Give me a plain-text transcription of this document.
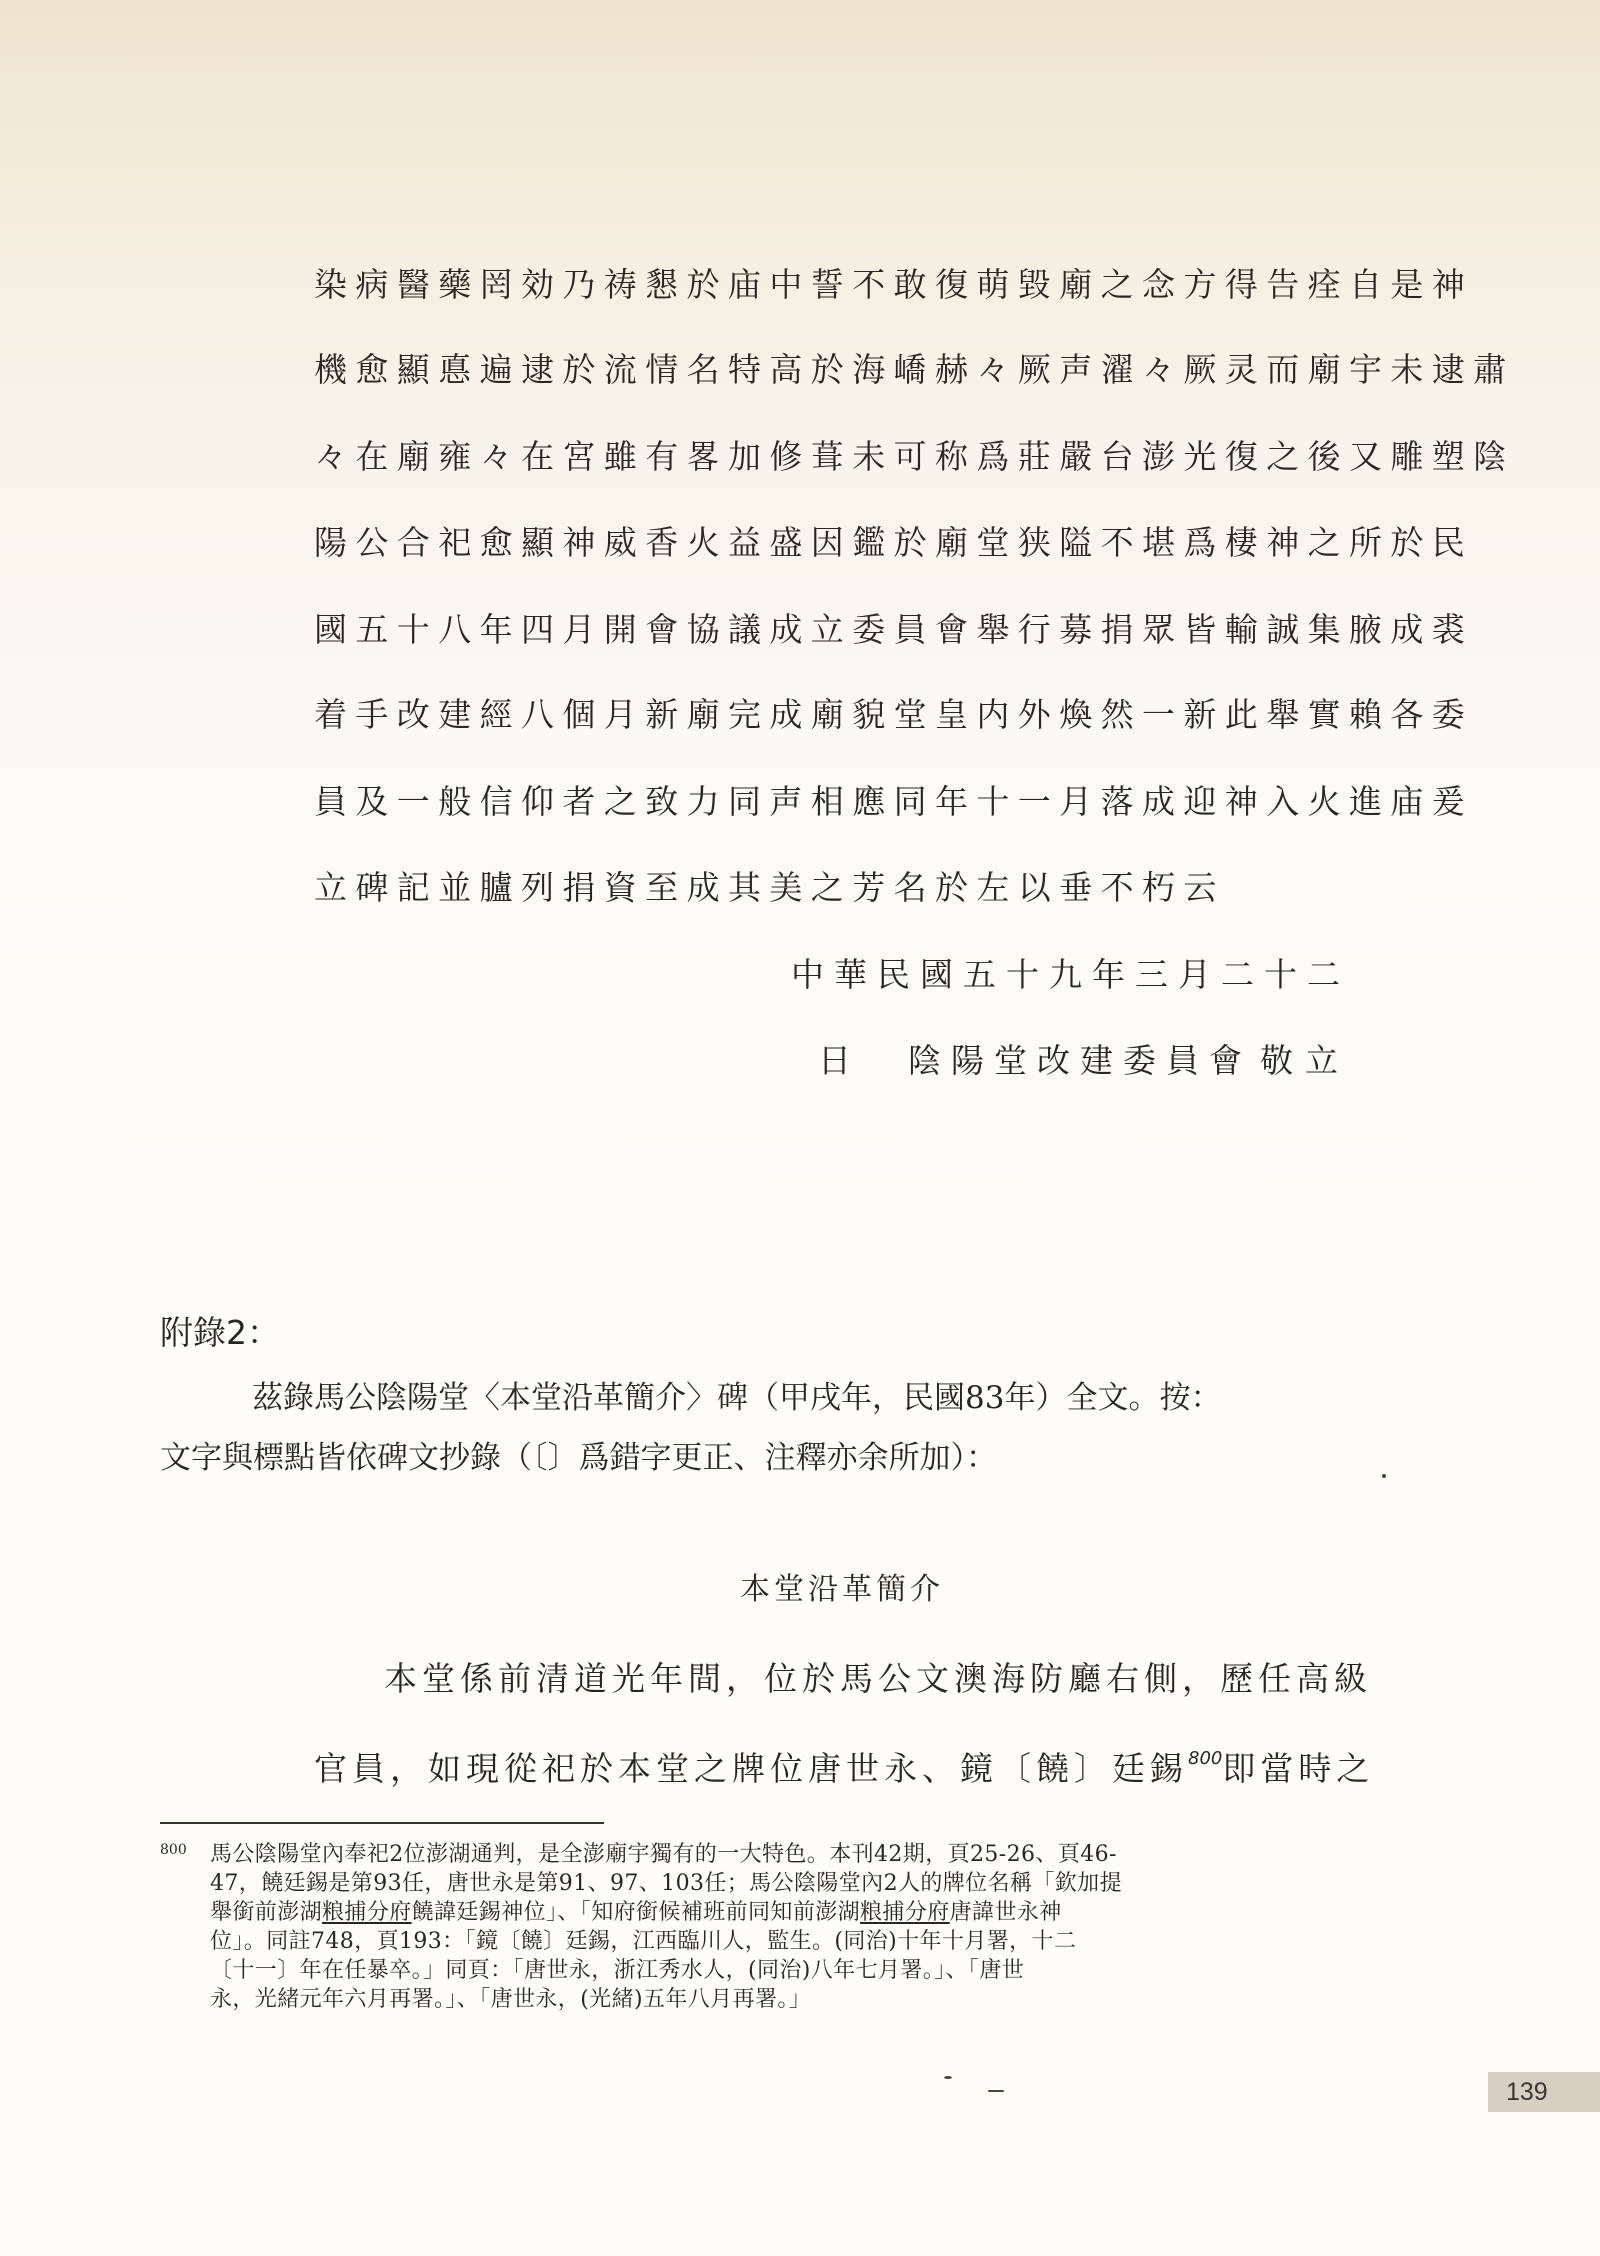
染病醫藥罔効乃祷懇於庙中誓不敢復萌毀廟之念方得告痊自是神
機愈顯悳遍逮於流情名特高於海嶠赫々厥声濯々厥灵而廟宇未逮肅
々在廟雍々在宮雖有畧加修葺未可称爲莊嚴台澎光復之後又雕塑陰
陽公合祀愈顯神威香火益盛因鑑於廟堂狭隘不堪爲棲神之所於民
國五十八年四月開會協議成立委員會舉行募捐眾皆輸誠集腋成裘
着手改建經八個月新廟完成廟貌堂皇内外煥然一新此舉實賴各委
員及一般信仰者之致力同声相應同年十一月落成迎神入火進庙爰
立碑記並臚列捐資至成其美之芳名於左以垂不朽云
中華民國五十九年三月二十二
日 陰陽堂改建委員會 敬立
附錄2：
茲錄馬公陰陽堂〈本堂沿革簡介〉碑（甲戌年，民國83年）全文。按：
文字與標點皆依碑文抄錄（〔〕爲錯字更正、注釋亦余所加）：
本堂沿革簡介
本堂係前清道光年間，位於馬公文澳海防廳右側，歷任高級
官員，如現從祀於本堂之牌位唐世永、鏡〔饒〕廷錫$^{800}$即當時之
800 馬公陰陽堂內奉祀2位澎湖通判，是全澎廟宇獨有的一大特色。本刊42期，頁25-26、頁46-
47，饒廷錫是第93任，唐世永是第91、97、103任；馬公陰陽堂內2人的牌位名稱「欽加提
舉銜前澎湖粮捕分府饒諱廷錫神位」、「知府銜候補班前同知前澎湖粮捕分府唐諱世永神
位」。同註748，頁193：「鏡〔饒〕廷錫，江西臨川人，監生。(同治)十年十月署，十二
〔十一〕年在任暴卒。」同頁：「唐世永，浙江秀水人，(同治)八年七月署。」、「唐世
永，光緒元年六月再署。」、「唐世永，(光緒)五年八月再署。」
139
